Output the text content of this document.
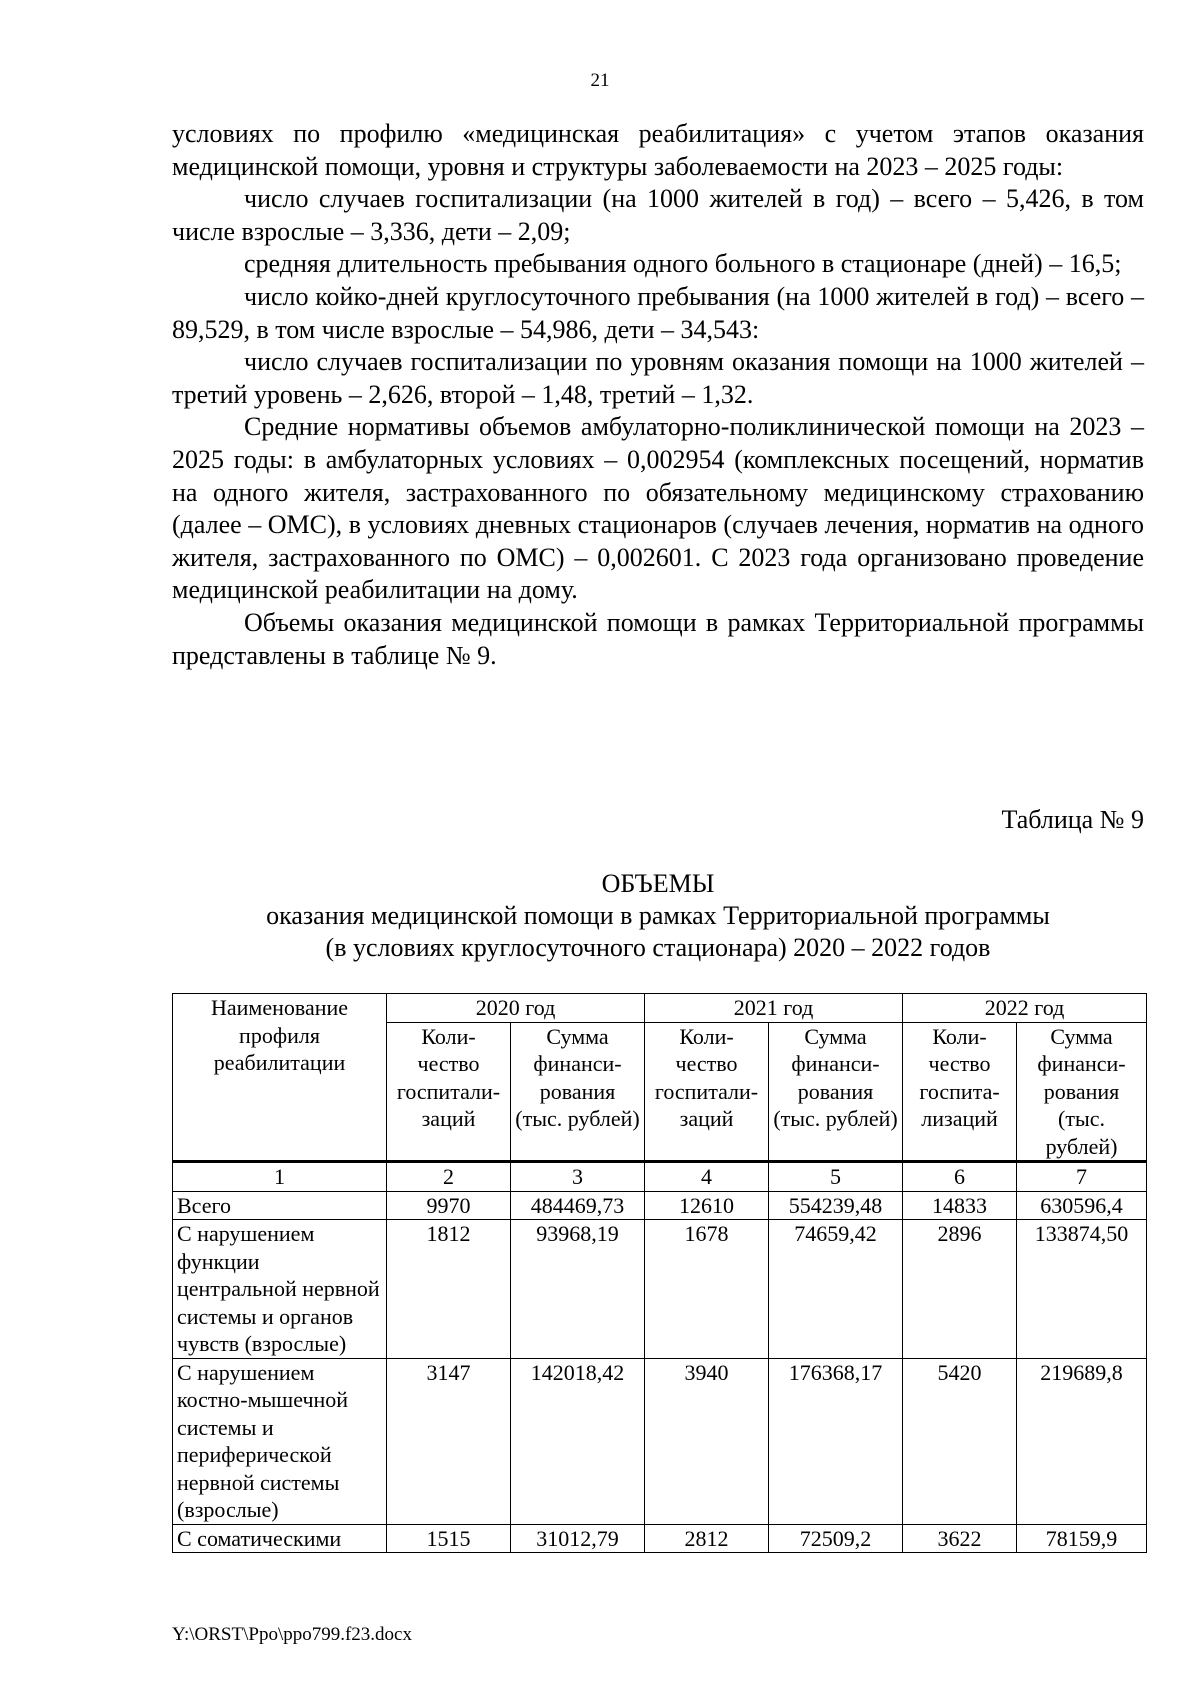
21

условиях по профилю «медицинская реабилитация» с учетом этапов оказания медицинской помощи, уровня и структуры заболеваемости на 2023 – 2025 годы:

число случаев госпитализации (на 1000 жителей в год) – всего – 5,426, в том числе взрослые – 3,336, дети – 2,09;

средняя длительность пребывания одного больного в стационаре (дней) – 16,5;

число койко-дней круглосуточного пребывания (на 1000 жителей в год) – всего – 89,529, в том числе взрослые – 54,986, дети – 34,543:

число случаев госпитализации по уровням оказания помощи на 1000 жителей – третий уровень – 2,626, второй – 1,48, третий – 1,32.

Средние нормативы объемов амбулаторно-поликлинической помощи на 2023 – 2025 годы: в амбулаторных условиях – 0,002954 (комплексных посещений, норматив на одного жителя, застрахованного по обязательному медицинскому страхованию (далее – ОМС), в условиях дневных стационаров (случаев лечения, норматив на одного жителя, застрахованного по ОМС) – 0,002601. С 2023 года организовано проведение медицинской реабилитации на дому.

Объемы оказания медицинской помощи в рамках Территориальной программы представлены в таблице № 9.

Таблица № 9
ОБЪЕМЫ
оказания медицинской помощи в рамках Территориальной программы
(в условиях круглосуточного стационара) 2020 – 2022 годов
Наименование профиля реабилитации	2020 год		2021 год		2022 год	
	Коли-чество госпитали-заций	Сумма финанси-рования (тыс. рублей)	Коли-чество госпитали-заций	Сумма финанси-рования (тыс. рублей)	Коли-чество госпита-лизаций	Сумма финанси-рования (тыс. рублей)
1	2	3	4	5	6	7
Всего	9970	484469,73	12610	554239,48	14833	630596,4
С нарушением функции центральной нервной системы и органов чувств (взрослые)	1812	93968,19	1678	74659,42	2896	133874,50
С нарушением костно-мышечной системы и периферической нервной системы (взрослые)	3147	142018,42	3940	176368,17	5420	219689,8
С соматическими	1515	31012,79	2812	72509,2	3622	78159,9
Y:\ORST\Ppo\ppo799.f23.docx
